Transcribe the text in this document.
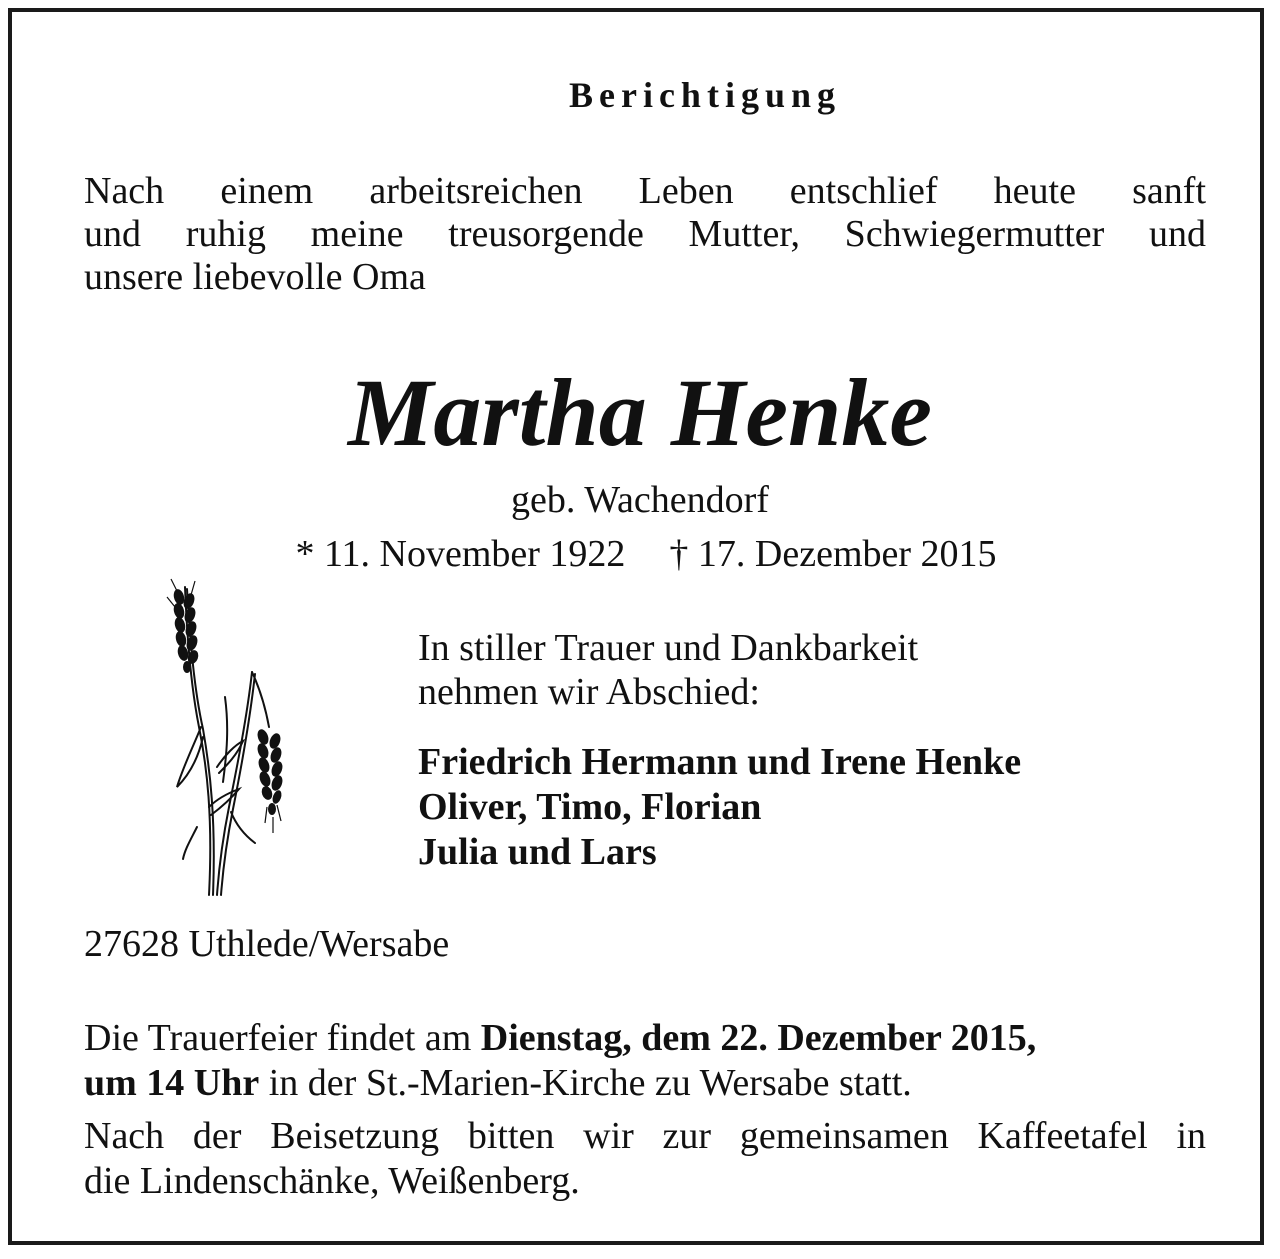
Berichtigung

Nach einem arbeitsreichen Leben entschlief heute sanft
und ruhig meine treusorgende Mutter, Schwiegermutter und
unsere liebevolle Oma

Martha Henke

geb. Wachendorf

* 11. November 1922 † 17. Dezember 2015

In stiller Trauer und Dankbarkeit
nehmen wir Abschied:

Friedrich Hermann und Irene Henke
Oliver, Timo, Florian
Julia und Lars

27628 Uthlede/Wersabe

Die Trauerfeier findet am Dienstag, dem 22. Dezember 2015,
um 14 Uhr in der St.-Marien-Kirche zu Wersabe statt.

Nach der Beisetzung bitten wir zur gemeinsamen Kaffeetafel in
die Lindenschänke, Weißenberg.
